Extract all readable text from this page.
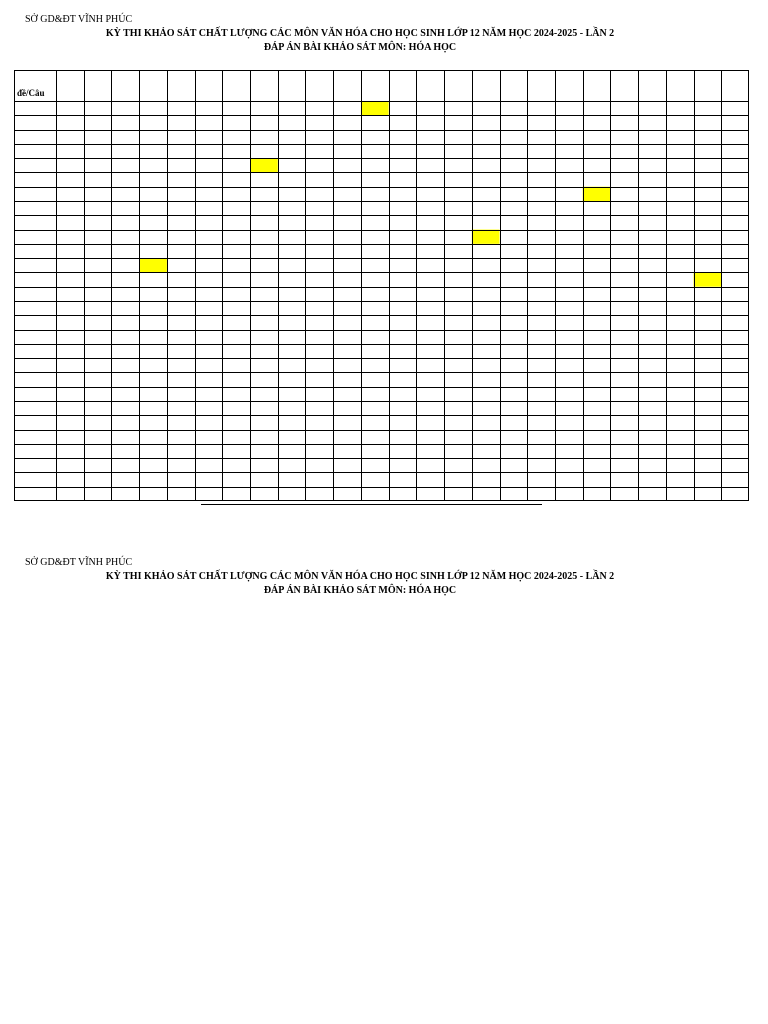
SỞ GD&ĐT VĨNH PHÚC
KỲ THI KHẢO SÁT CHẤT LƯỢNG CÁC MÔN VĂN HÓA CHO HỌC SINH LỚP 12 NĂM HỌC 2024-2025 - LẦN 2
ĐÁP ÁN BÀI KHẢO SÁT MÔN: HÓA HỌC
đề/Câu
SỞ GD&ĐT VĨNH PHÚC
KỲ THI KHẢO SÁT CHẤT LƯỢNG CÁC MÔN VĂN HÓA CHO HỌC SINH LỚP 12 NĂM HỌC 2024-2025 - LẦN 2
ĐÁP ÁN BÀI KHẢO SÁT MÔN: HÓA HỌC
